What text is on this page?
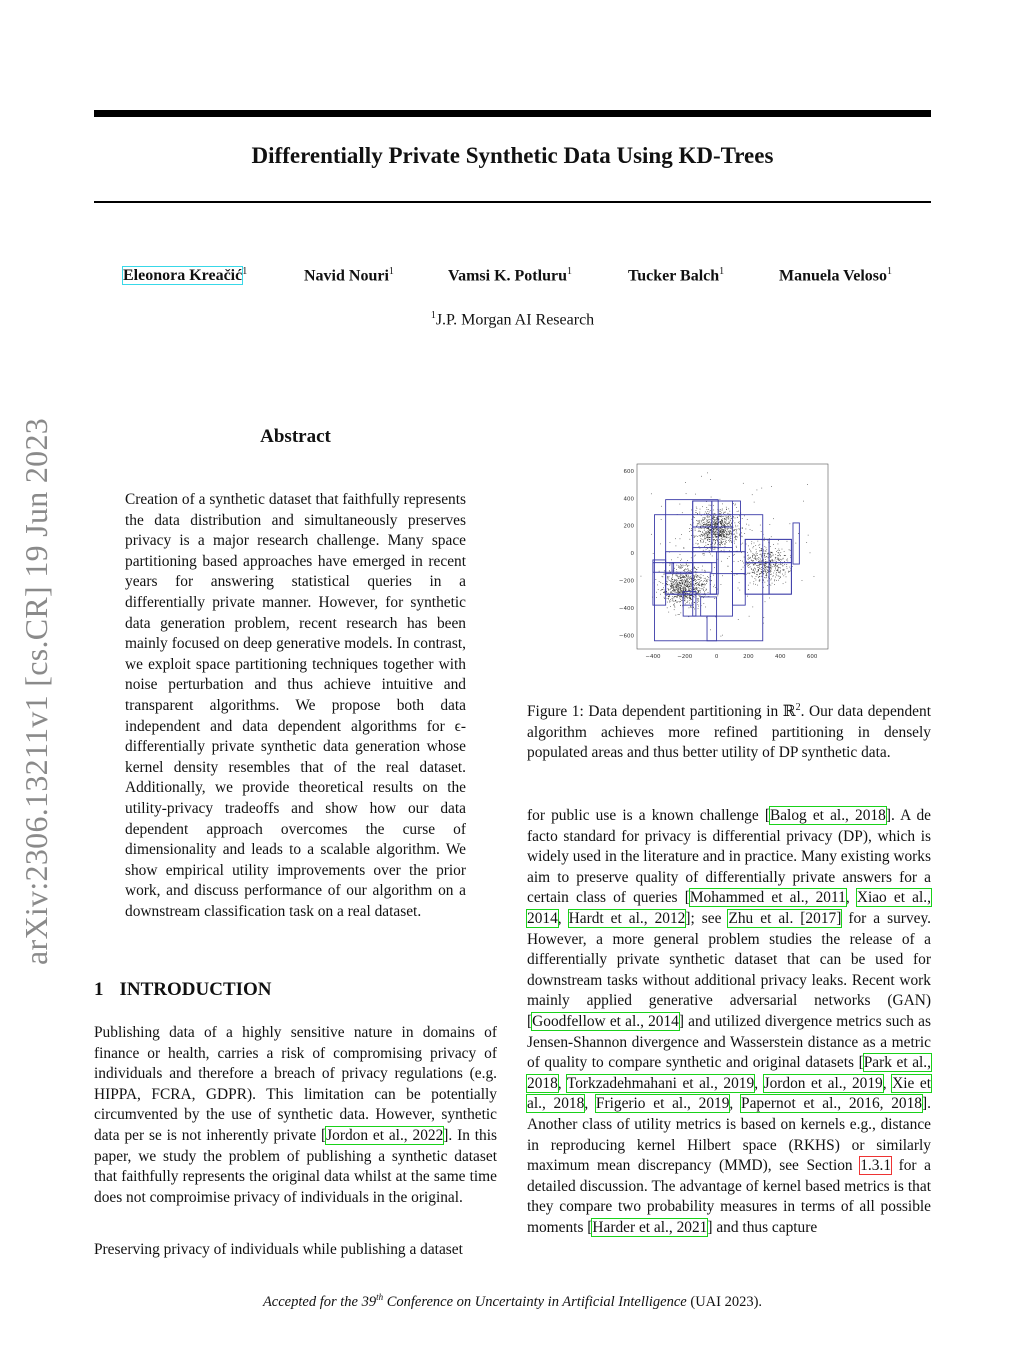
Differentially Private Synthetic Data Using KD-Trees
Eleonora Kreačić$^1$	Navid Nouri$^1$	Vamsi K. Potluru$^1$	Tucker Balch$^1$	Manuela Veloso$^1$
$^1$J.P. Morgan AI Research
arXiv:2306.13211v1 [cs.CR] 19 Jun 2023	Abstract
Creation of a synthetic dataset that faithfully represents the data distribution and simultaneously preserves privacy is a major research challenge. Many space partitioning based approaches have emerged in recent years for answering statistical queries in a differentially private manner. However, for synthetic data generation problem, recent research has been mainly focused on deep generative models. In contrast, we exploit space partitioning techniques together with noise perturbation and thus achieve intuitive and transparent algorithms. We propose both data independent and data dependent algorithms for ϵ-differentially private synthetic data generation whose kernel density resembles that of the real dataset. Additionally, we provide theoretical results on the utility-privacy tradeoffs and show how our data dependent approach overcomes the curse of dimensionality and leads to a scalable algorithm. We show empirical utility improvements over the prior work, and discuss performance of our algorithm on a downstream classification task on a real dataset.
1 INTRODUCTION
Publishing data of a highly sensitive nature in domains of finance or health, carries a risk of compromising privacy of individuals and therefore a breach of privacy regulations (e.g. HIPPA, FCRA, GDPR). This limitation can be potentially circumvented by the use of synthetic data. However, synthetic data per se is not inherently private [Jordon et al., 2022]. In this paper, we study the problem of publishing a synthetic dataset that faithfully represents the original data whilst at the same time does not comproimise privacy of individuals in the original.
Preserving privacy of individuals while publishing a dataset
−400	−200	0	200	400	600
600
400
200
0
−200
−400
−600
Figure 1: Data dependent partitioning in ℝ$^2$. Our data dependent algorithm achieves more refined partitioning in densely populated areas and thus better utility of DP synthetic data.
for public use is a known challenge [Balog et al., 2018]. A de facto standard for privacy is differential privacy (DP), which is widely used in the literature and in practice. Many existing works aim to preserve quality of differentially private answers for a certain class of queries [Mohammed et al., 2011, Xiao et al., 2014, Hardt et al., 2012]; see Zhu et al. [2017] for a survey. However, a more general problem studies the release of a differentially private synthetic dataset that can be used for downstream tasks without additional privacy leaks. Recent work mainly applied generative adversarial networks (GAN) [Goodfellow et al., 2014] and utilized divergence metrics such as Jensen-Shannon divergence and Wasserstein distance as a metric of quality to compare synthetic and original datasets [Park et al., 2018, Torkzadehmahani et al., 2019, Jordon et al., 2019, Xie et al., 2018, Frigerio et al., 2019, Papernot et al., 2016, 2018]. Another class of utility metrics is based on kernels e.g., distance in reproducing kernel Hilbert space (RKHS) or similarly maximum mean discrepancy (MMD), see Section 1.3.1 for a detailed discussion. The advantage of kernel based metrics is that they compare two probability measures in terms of all possible moments [Harder et al., 2021] and thus capture
Accepted for the 39th Conference on Uncertainty in Artificial Intelligence (UAI 2023).
